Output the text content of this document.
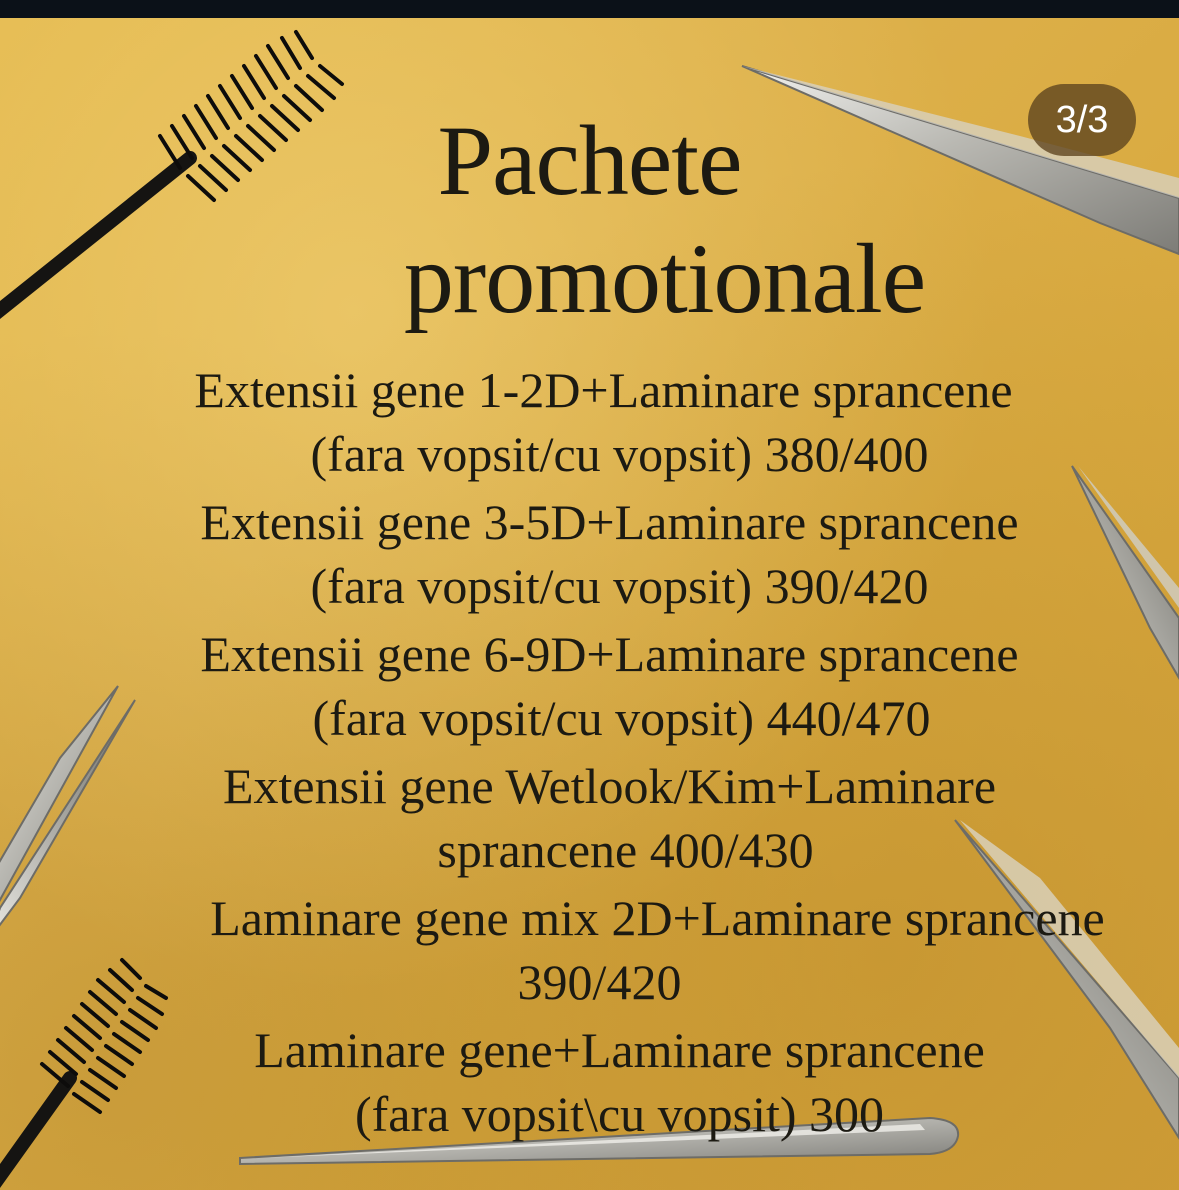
Pachete
promotionale
Extensii gene 1-2D+Laminare sprancene
(fara vopsit/cu vopsit) 380/400
Extensii gene 3-5D+Laminare sprancene
(fara vopsit/cu vopsit) 390/420
Extensii gene 6-9D+Laminare sprancene
(fara vopsit/cu vopsit) 440/470
Extensii gene Wetlook/Kim+Laminare
sprancene 400/430
Laminare gene mix 2D+Laminare sprancene
390/420
Laminare gene+Laminare sprancene
(fara vopsit\cu vopsit) 300
3/3
